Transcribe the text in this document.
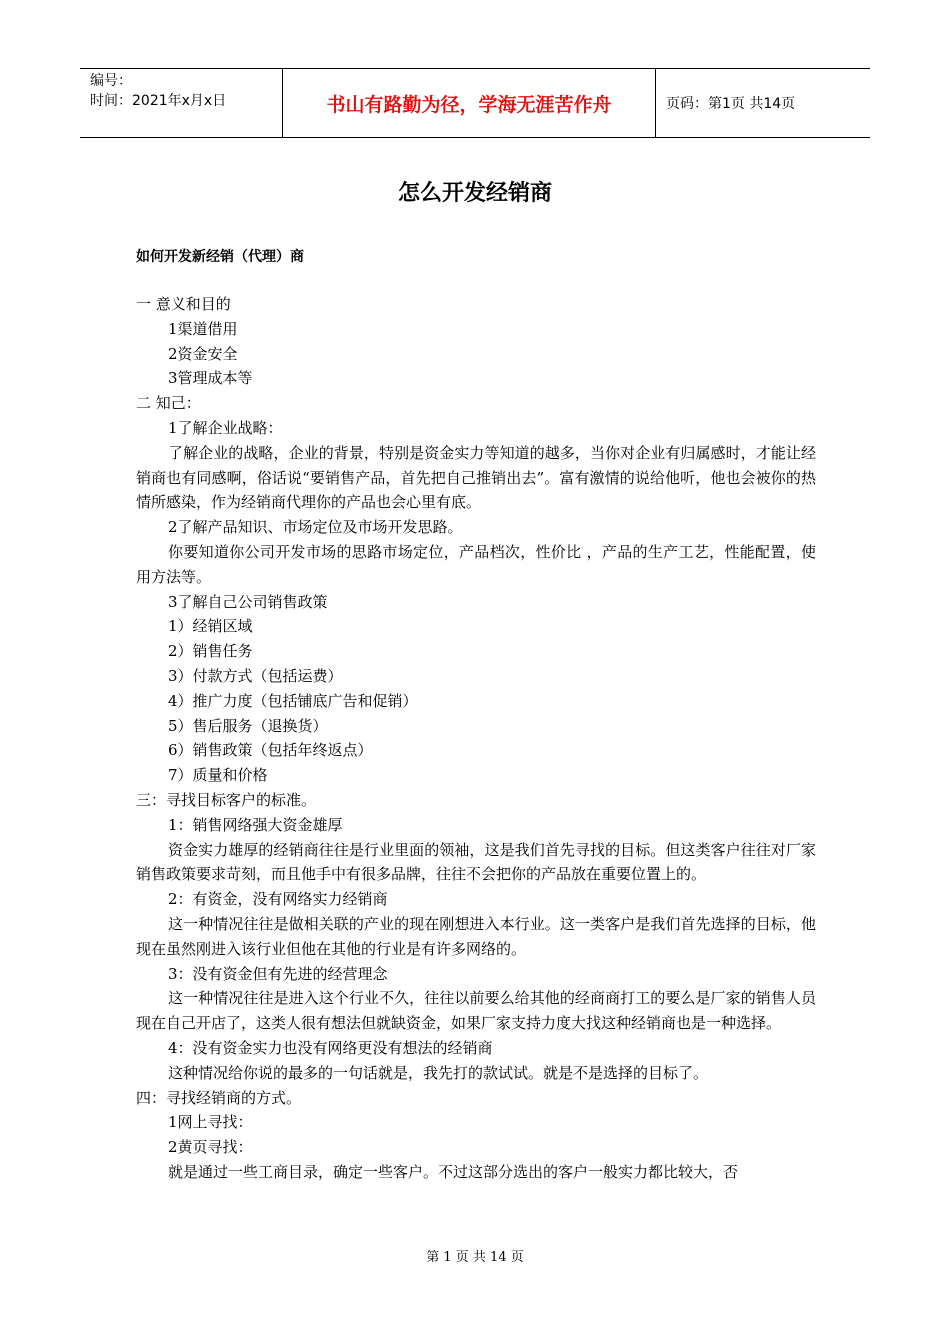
编号：
时间：2021年x月x日	书山有路勤为径，学海无涯苦作舟	页码：第1页 共14页
怎么开发经销商
如何开发新经销（代理）商
一 意义和目的
1渠道借用
2资金安全
3管理成本等
二 知己：
1了解企业战略：
了解企业的战略，企业的背景，特别是资金实力等知道的越多，当你对企业有归属感时，才能让经销商也有同感啊，俗话说“要销售产品，首先把自己推销出去”。富有激情的说给他听，他也会被你的热情所感染，作为经销商代理你的产品也会心里有底。
2了解产品知识、市场定位及市场开发思路。
你要知道你公司开发市场的思路市场定位，产品档次，性价比 ，产品的生产工艺，性能配置，使用方法等。
3了解自己公司销售政策
1）经销区域
2）销售任务
3）付款方式（包括运费）
4）推广力度（包括铺底广告和促销）
5）售后服务（退换货）
6）销售政策（包括年终返点）
7）质量和价格
三：寻找目标客户的标准。
1：销售网络强大资金雄厚
资金实力雄厚的经销商往往是行业里面的领袖，这是我们首先寻找的目标。但这类客户往往对厂家销售政策要求苛刻，而且他手中有很多品牌，往往不会把你的产品放在重要位置上的。
2：有资金，没有网络实力经销商
这一种情况往往是做相关联的产业的现在刚想进入本行业。这一类客户是我们首先选择的目标，他现在虽然刚进入该行业但他在其他的行业是有许多网络的。
3：没有资金但有先进的经营理念
这一种情况往往是进入这个行业不久，往往以前要么给其他的经商商打工的要么是厂家的销售人员现在自己开店了，这类人很有想法但就缺资金，如果厂家支持力度大找这种经销商也是一种选择。
4：没有资金实力也没有网络更没有想法的经销商
这种情况给你说的最多的一句话就是，我先打的款试试。就是不是选择的目标了。
四：寻找经销商的方式。
1网上寻找：
2黄页寻找：
就是通过一些工商目录，确定一些客户。不过这部分选出的客户一般实力都比较大，否
第 1 页 共 14 页
